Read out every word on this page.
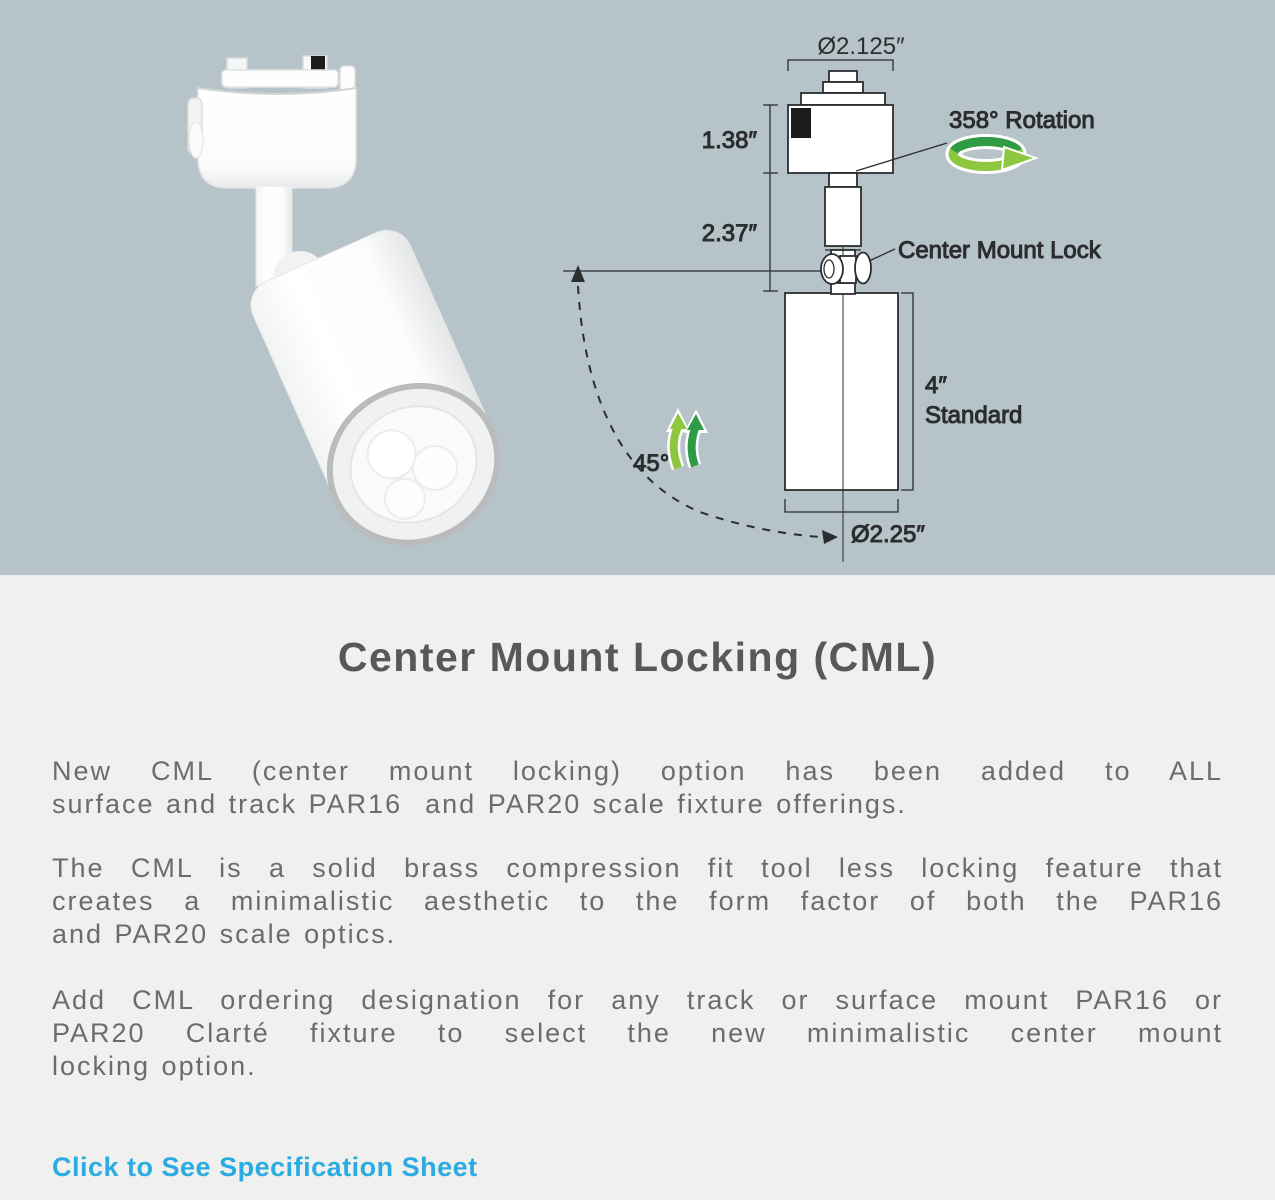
Ø2.125″
1.38″
2.37″
358° Rotation
45°
Center Mount Lock
4″
Standard
Ø2.25″
Center Mount Locking (CML)

New CML (center mount locking) option has been added to ALL
surface and track PAR16  and PAR20 scale fixture offerings.

The CML is a solid brass compression fit tool less locking feature that
creates a minimalistic aesthetic to the form factor of both the PAR16
and PAR20 scale optics.

Add CML ordering designation for any track or surface mount PAR16 or
PAR20 Clarté fixture to select the new minimalistic center mount
locking option.

Click to See Specification Sheet
